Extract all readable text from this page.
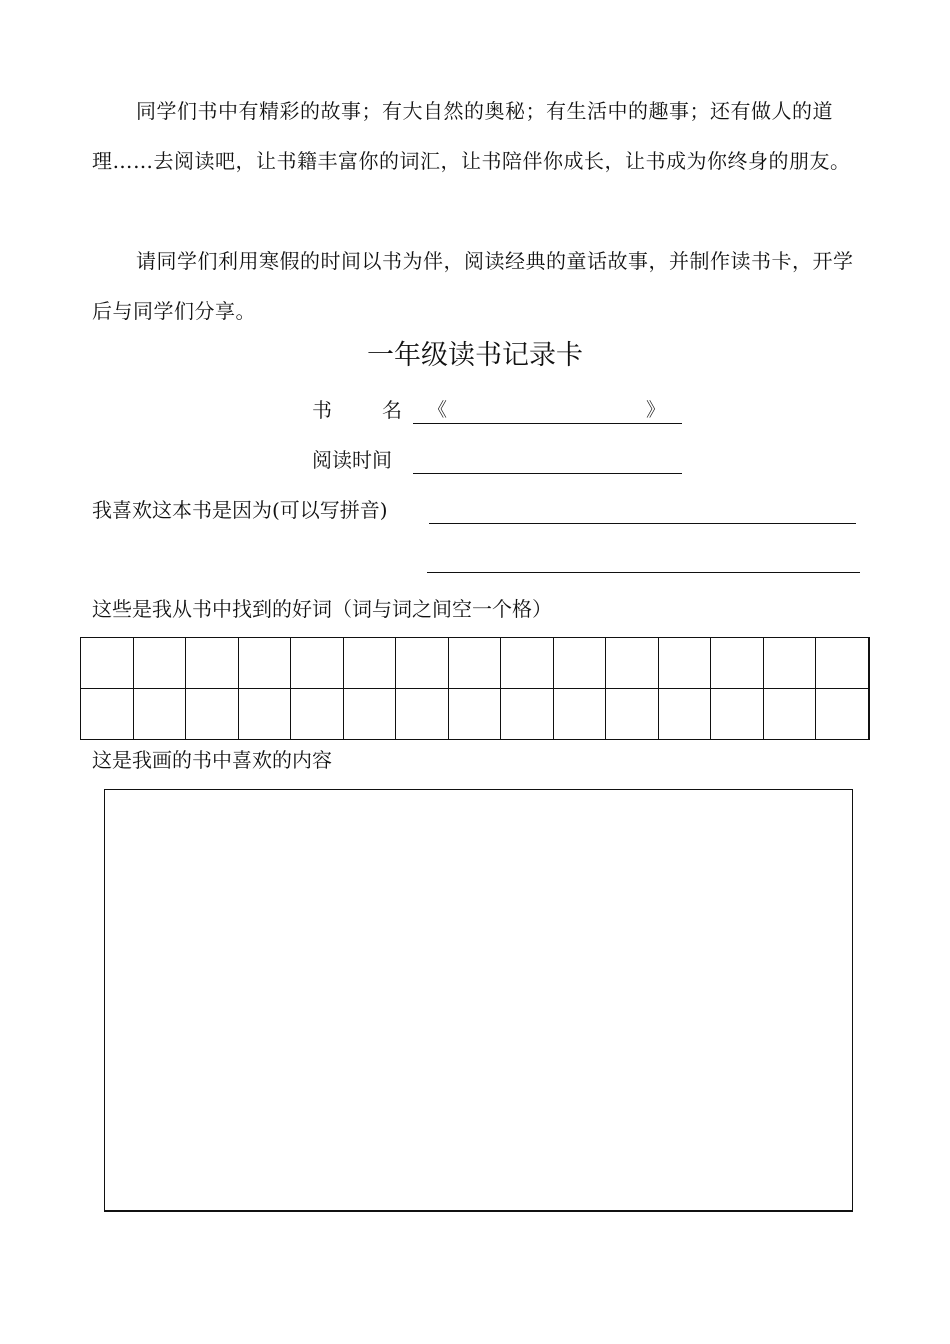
同学们书中有精彩的故事；有大自然的奥秘；有生活中的趣事；还有做人的道理……去阅读吧，让书籍丰富你的词汇，让书陪伴你成长，让书成为你终身的朋友。

请同学们利用寒假的时间以书为伴，阅读经典的童话故事，并制作读书卡，开学后与同学们分享。

一年级读书记录卡
书	名 《	》
阅读时间
我喜欢这本书是因为(可以写拼音)
这些是我从书中找到的好词（词与词之间空一个格）

这是我画的书中喜欢的内容
